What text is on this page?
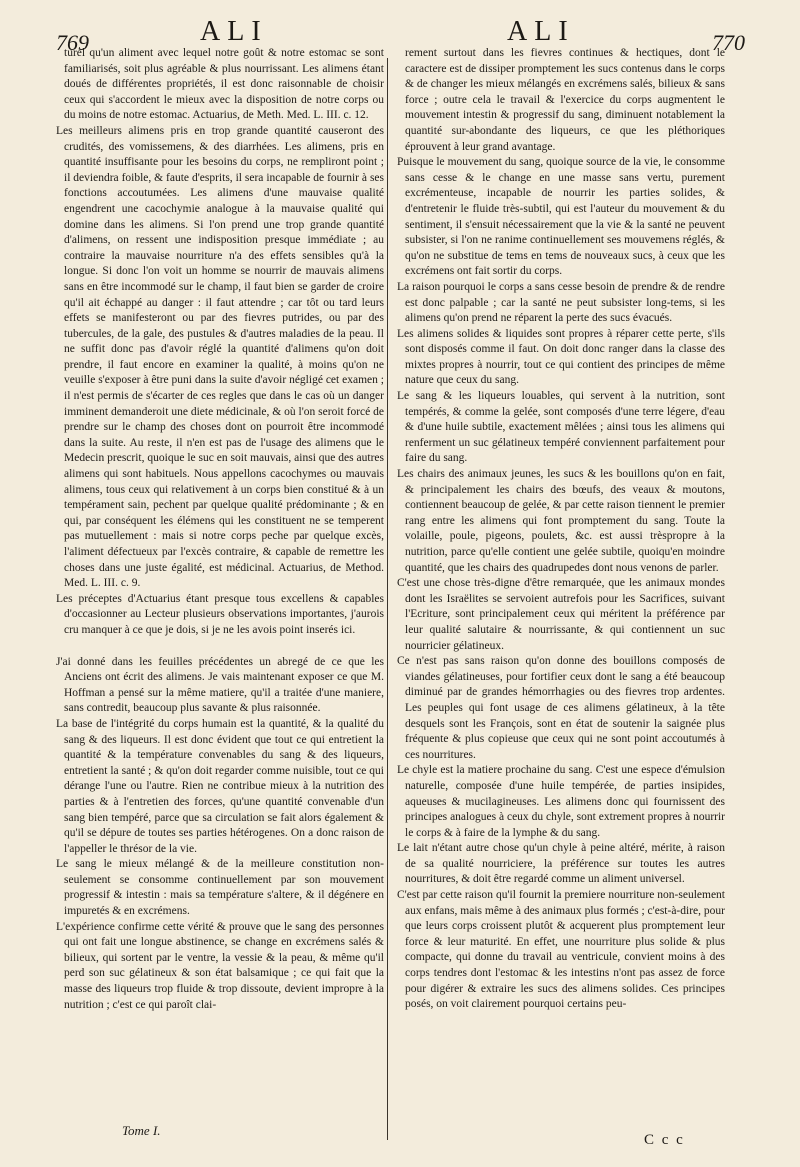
769	ALI	ALI	770

turel qu'un aliment avec lequel notre goût & notre estomac se sont familiarisés, soit plus agréable & plus nourrissant. Les alimens étant doués de différentes propriétés, il est donc raisonnable de choisir ceux qui s'accordent le mieux avec la disposition de notre corps ou du moins de notre estomac. Actuarius, de Meth. Med. L. III. c. 12.

Les meilleurs alimens pris en trop grande quantité causeront des crudités, des vomissemens, & des diarrhées. Les alimens, pris en quantité insuffisante pour les besoins du corps, ne rempliront point ; il deviendra foible, & faute d'esprits, il sera incapable de fournir à ses fonctions accoutumées. Les alimens d'une mauvaise qualité engendrent une cacochymie analogue à la mauvaise qualité qui domine dans les alimens. Si l'on prend une trop grande quantité d'alimens, on ressent une indisposition presque immédiate ; au contraire la mauvaise nourriture n'a des effets sensibles qu'à la longue. Si donc l'on voit un homme se nourrir de mauvais alimens sans en être incommodé sur le champ, il faut bien se garder de croire qu'il ait échappé au danger : il faut attendre ; car tôt ou tard leurs effets se manifesteront ou par des fievres putrides, ou par des tubercules, de la gale, des pustules & d'autres maladies de la peau. Il ne suffit donc pas d'avoir réglé la quantité d'alimens qu'on doit prendre, il faut encore en examiner la qualité, à moins qu'on ne veuille s'exposer à être puni dans la suite d'avoir négligé cet examen ; il n'est permis de s'écarter de ces regles que dans le cas où un danger imminent demanderoit une diete médicinale, & où l'on seroit forcé de prendre sur le champ des choses dont on pourroit être incommodé dans la suite. Au reste, il n'en est pas de l'usage des alimens que le Medecin prescrit, quoique le suc en soit mauvais, ainsi que des autres alimens qui sont habituels. Nous appellons cacochymes ou mauvais alimens, tous ceux qui relativement à un corps bien constitué & à un tempérament sain, pechent par quelque qualité prédominante ; & en qui, par conséquent les élémens qui les constituent ne se temperent pas mutuellement : mais si notre corps peche par quelque excès, l'aliment défectueux par l'excès contraire, & capable de remettre les choses dans une juste égalité, est médicinal. Actuarius, de Method. Med. L. III. c. 9.

Les préceptes d'Actuarius étant presque tous excellens & capables d'occasionner au Lecteur plusieurs observations importantes, j'aurois cru manquer à ce que je dois, si je ne les avois point inserés ici.

J'ai donné dans les feuilles précédentes un abregé de ce que les Anciens ont écrit des alimens. Je vais maintenant exposer ce que M. Hoffman a pensé sur la même matiere, qu'il a traitée d'une maniere, sans contredit, beaucoup plus savante & plus raisonnée.

La base de l'intégrité du corps humain est la quantité, & la qualité du sang & des liqueurs. Il est donc évident que tout ce qui entretient la quantité & la température convenables du sang & des liqueurs, entretient la santé ; & qu'on doit regarder comme nuisible, tout ce qui dérange l'une ou l'autre. Rien ne contribue mieux à la nutrition des parties & à l'entretien des forces, qu'une quantité convenable d'un sang bien tempéré, parce que sa circulation se fait alors également & qu'il se dépure de toutes ses parties hétérogenes. On a donc raison de l'appeller le thrésor de la vie.

Le sang le mieux mélangé & de la meilleure constitution non-seulement se consomme continuellement par son mouvement progressif & intestin : mais sa température s'altere, & il dégénere en impuretés & en excrémens.

L'expérience confirme cette vérité & prouve que le sang des personnes qui ont fait une longue abstinence, se change en excrémens salés & bilieux, qui sortent par le ventre, la vessie & la peau, & même qu'il perd son suc gélatineux & son état balsamique ; ce qui fait que la masse des liqueurs trop fluide & trop dissoute, devient impropre à la nutrition ; c'est ce qui paroît clai-

rement surtout dans les fievres continues & hectiques, dont le caractere est de dissiper promptement les sucs contenus dans le corps & de changer les mieux mélangés en excrémens salés, bilieux & sans force ; outre cela le travail & l'exercice du corps augmentent le mouvement intestin & progressif du sang, diminuent notablement la quantité sur-abondante des liqueurs, ce que les pléthoriques éprouvent à leur grand avantage.

Puisque le mouvement du sang, quoique source de la vie, le consomme sans cesse & le change en une masse sans vertu, purement excrémenteuse, incapable de nourrir les parties solides, & d'entretenir le fluide très-subtil, qui est l'auteur du mouvement & du sentiment, il s'ensuit nécessairement que la vie & la santé ne peuvent subsister, si l'on ne ranime continuellement ses mouvemens réglés, & qu'on ne substitue de tems en tems de nouveaux sucs, à ceux que les excrémens ont fait sortir du corps.

La raison pourquoi le corps a sans cesse besoin de prendre & de rendre est donc palpable ; car la santé ne peut subsister long-tems, si les alimens qu'on prend ne réparent la perte des sucs évacués.

Les alimens solides & liquides sont propres à réparer cette perte, s'ils sont disposés comme il faut. On doit donc ranger dans la classe des mixtes propres à nourrir, tout ce qui contient des principes de même nature que ceux du sang.

Le sang & les liqueurs louables, qui servent à la nutrition, sont tempérés, & comme la gelée, sont composés d'une terre légere, d'eau & d'une huile subtile, exactement mêlées ; ainsi tous les alimens qui renferment un suc gélatineux tempéré conviennent parfaitement pour faire du sang.

Les chairs des animaux jeunes, les sucs & les bouillons qu'on en fait, & principalement les chairs des bœufs, des veaux & moutons, contiennent beaucoup de gelée, & par cette raison tiennent le premier rang entre les alimens qui font promptement du sang. Toute la volaille, poule, pigeons, poulets, &c. est aussi trèspropre à la nutrition, parce qu'elle contient une gelée subtile, quoiqu'en moindre quantité, que les chairs des quadrupedes dont nous venons de parler.

C'est une chose très-digne d'être remarquée, que les animaux mondes dont les Israëlites se servoient autrefois pour les Sacrifices, suivant l'Ecriture, sont principalement ceux qui méritent la préférence par leur qualité salutaire & nourrissante, & qui contiennent un suc nourricier gélatineux.

Ce n'est pas sans raison qu'on donne des bouillons composés de viandes gélatineuses, pour fortifier ceux dont le sang a été beaucoup diminué par de grandes hémorrhagies ou des fievres trop ardentes. Les peuples qui font usage de ces alimens gélatineux, à la tête desquels sont les François, sont en état de soutenir la saignée plus fréquente & plus copieuse que ceux qui ne sont point accoutumés à ces nourritures.

Le chyle est la matiere prochaine du sang. C'est une espece d'émulsion naturelle, composée d'une huile tempérée, de parties insipides, aqueuses & mucilagineuses. Les alimens donc qui fournissent des principes analogues à ceux du chyle, sont extrement propres à nourrir le corps & à faire de la lymphe & du sang.

Le lait n'étant autre chose qu'un chyle à peine altéré, mérite, à raison de sa qualité nourriciere, la préférence sur toutes les autres nourritures, & doit être regardé comme un aliment universel.

C'est par cette raison qu'il fournit la premiere nourriture non-seulement aux enfans, mais même à des animaux plus formés ; c'est-à-dire, pour que leurs corps croissent plutôt & acquerent plus promptement leur force & leur maturité. En effet, une nourriture plus solide & plus compacte, qui donne du travail au ventricule, convient moins à des corps tendres dont l'estomac & les intestins n'ont pas assez de force pour digérer & extraire les sucs des alimens solides. Ces principes posés, on voit clairement pourquoi certains peu-

Tome I.
C c c
